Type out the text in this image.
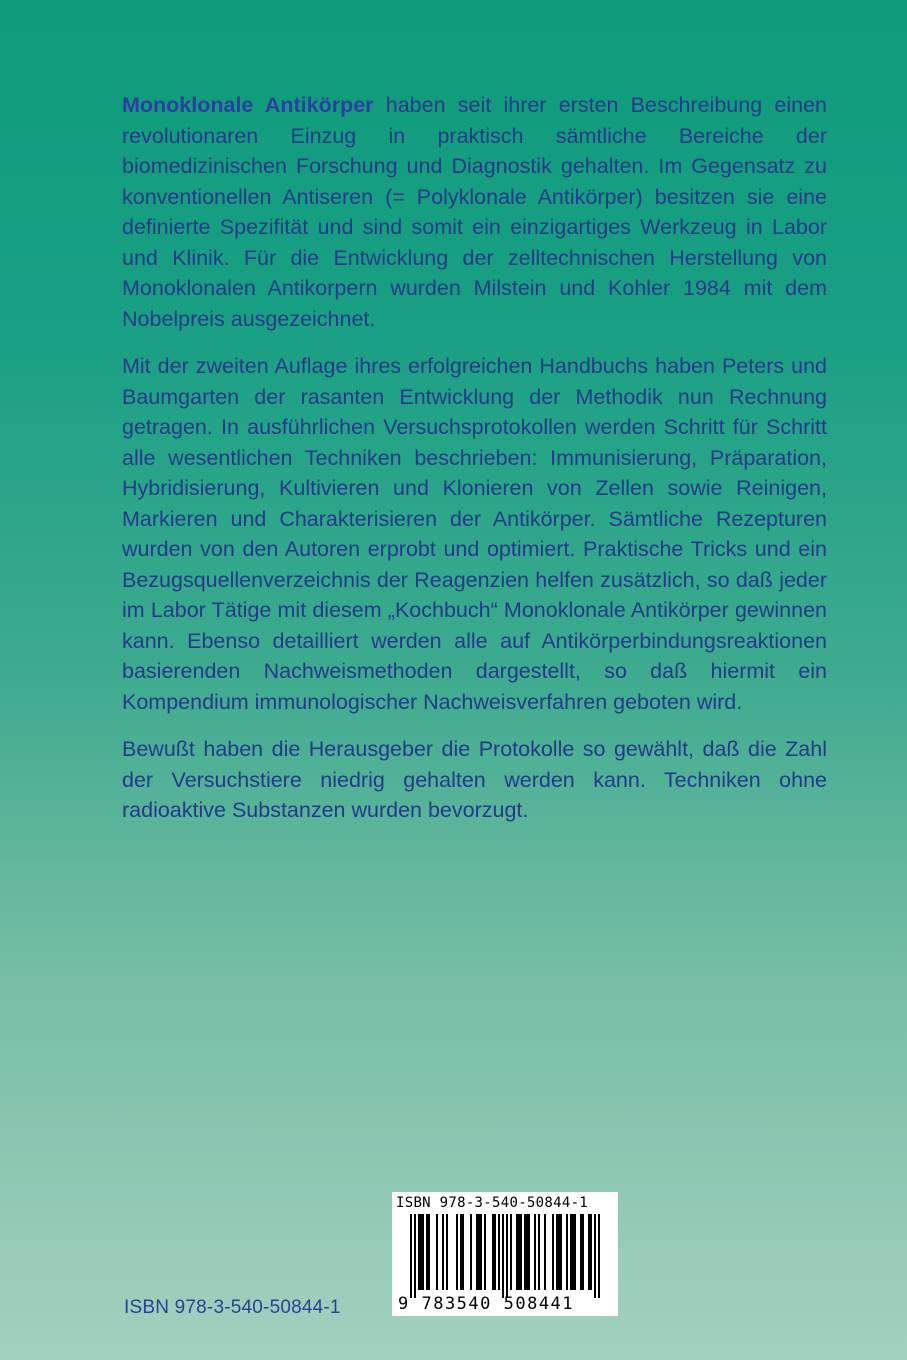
Monoklonale Antikörper haben seit ihrer ersten Beschreibung einen revolutionaren Einzug in praktisch sämtliche Bereiche der biomedizinischen Forschung und Diagnostik gehalten. Im Gegensatz zu konventionellen Antiseren (= Polyklonale Antikörper) besitzen sie eine definierte Spezifität und sind somit ein einzigartiges Werkzeug in Labor und Klinik. Für die Entwicklung der zelltechnischen Herstellung von Monoklonalen Antikorpern wurden Milstein und Kohler 1984 mit dem Nobelpreis ausgezeichnet.

Mit der zweiten Auflage ihres erfolgreichen Handbuchs haben Peters und Baumgarten der rasanten Entwicklung der Methodik nun Rechnung getragen. In ausführlichen Versuchsprotokollen werden Schritt für Schritt alle wesentlichen Techniken beschrieben: Immunisierung, Präparation, Hybridisierung, Kultivieren und Klonieren von Zellen sowie Reinigen, Markieren und Charakterisieren der Antikörper. Sämtliche Rezepturen wurden von den Autoren erprobt und optimiert. Praktische Tricks und ein Bezugsquellenverzeichnis der Reagenzien helfen zusätzlich, so daß jeder im Labor Tätige mit diesem „Kochbuch“ Monoklonale Antikörper gewinnen kann. Ebenso detailliert werden alle auf Antikörperbindungsreaktionen basierenden Nachweismethoden dargestellt, so daß hiermit ein Kompendium immunologischer Nachweisverfahren geboten wird.

Bewußt haben die Herausgeber die Protokolle so gewählt, daß die Zahl der Versuchstiere niedrig gehalten werden kann. Techniken ohne radioaktive Substanzen wurden bevorzugt.

ISBN 978-3-540-50844-1
9 783540 508441
ISBN 978-3-540-50844-1
